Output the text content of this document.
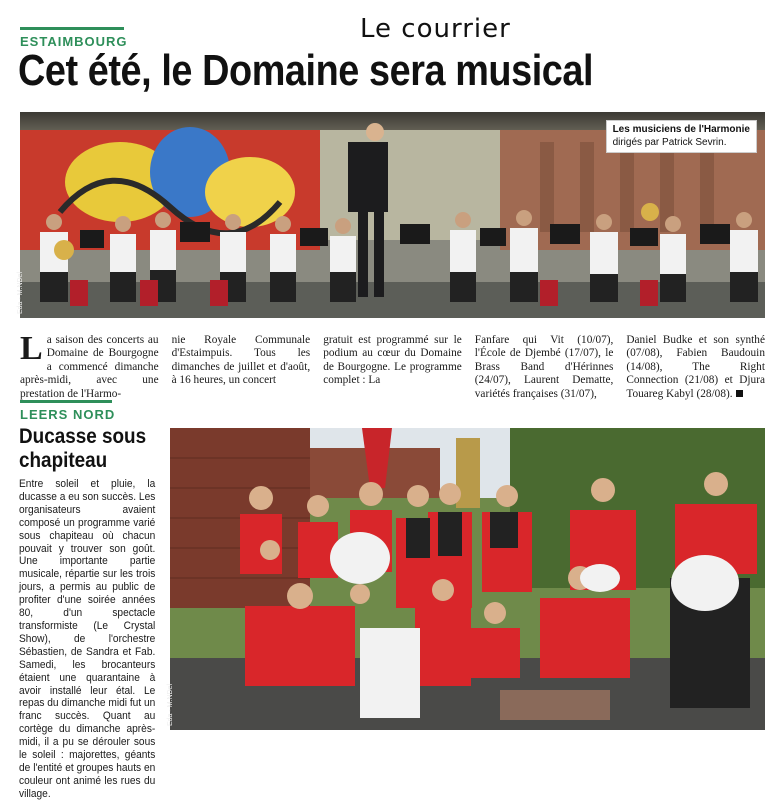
Le courrier
ESTAIMBOURG
Cet été, le Domaine sera musical
Les musiciens de l'Harmonie
dirigés par Patrick Sevrin.
Eda - M.NDel
La saison des concerts au Domaine de Bourgogne a commencé dimanche après-midi, avec une prestation de l'Harmo-
nie Royale Communale d'Estaimpuis. Tous les dimanches de juillet et d'août, à 16 heures, un concert
gratuit est programmé sur le podium au cœur du Domaine de Bourgogne. Le programme complet : La
Fanfare qui Vit (10/07), l'École de Djembé (17/07), le Brass Band d'Hérinnes (24/07), Laurent Dematte, variétés françaises (31/07),
Daniel Budke et son synthé (07/08), Fabien Baudouin (14/08), The Right Connection (21/08) et Djura Touareg Kabyl (28/08).
LEERS NORD
Ducasse sous chapiteau
Entre soleil et pluie, la ducasse a eu son succès. Les organisateurs avaient composé un programme varié sous chapiteau où chacun pouvait y trouver son goût. Une importante partie musicale, répartie sur les trois jours, a permis au public de profiter d'une soirée années 80, d'un spectacle transformiste (Le Crystal Show), de l'orchestre Sébastien, de Sandra et Fab. Samedi, les brocanteurs étaient une quarantaine à avoir installé leur étal. Le repas du dimanche midi fut un franc succès. Quant au cortège du dimanche après-midi, il a pu se dérouler sous le soleil : majorettes, géants de l'entité et groupes hauts en couleur ont animé les rues du village.
Eda - M.NDel
